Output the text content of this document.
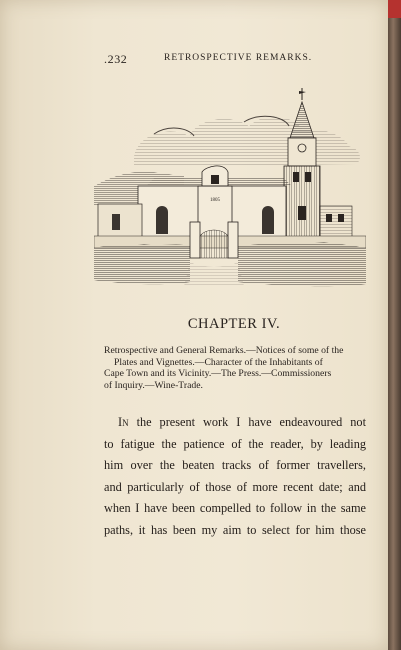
.232	RETROSPECTIVE REMARKS.
1805
CHAPTER IV.
Retrospective and General Remarks.—Notices of some of the
Plates and Vignettes.—Character of the Inhabitants of
Cape Town and its Vicinity.—The Press.—Commissioners
of Inquiry.—Wine-Trade.
In the present work I have endeavoured not
to fatigue the patience of the reader, by leading
him over the beaten tracks of former travellers,
and particularly of those of more recent date; and
when I have been compelled to follow in the same
paths, it has been my aim to select for him those
